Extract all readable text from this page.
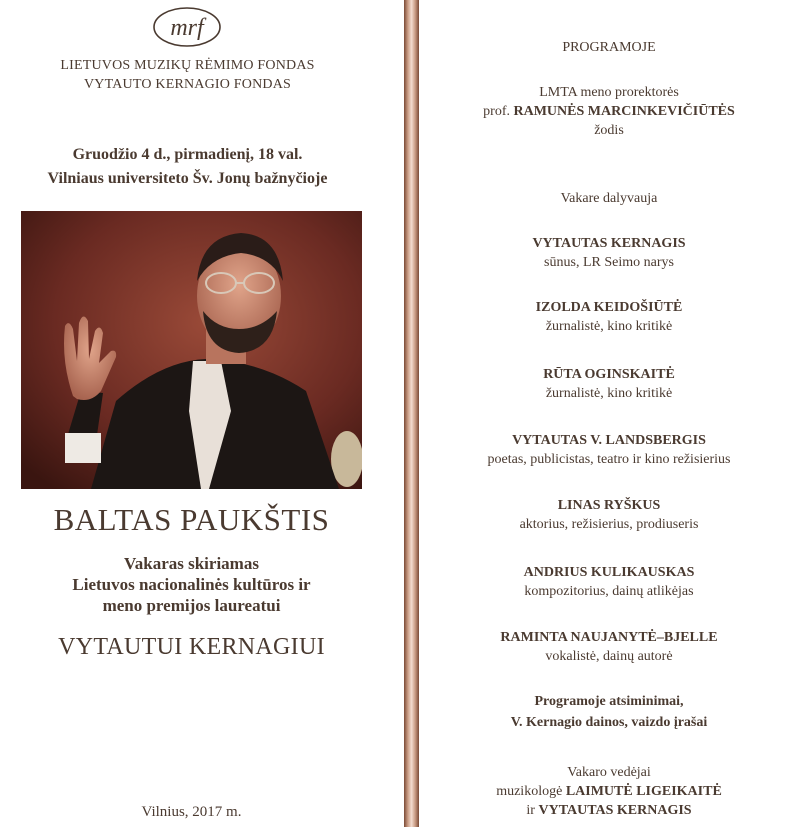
mrf
LIETUVOS MUZIKŲ RĖMIMO FONDAS
VYTAUTO KERNAGIO FONDAS
Gruodžio 4 d., pirmadienį, 18 val.
Vilniaus universiteto Šv. Jonų bažnyčioje
BALTAS PAUKŠTIS
Vakaras skiriamas
Lietuvos nacionalinės kultūros ir
meno premijos laureatui
VYTAUTUI KERNAGIUI
Vilnius, 2017 m.
PROGRAMOJE
LMTA meno prorektorės
prof. RAMUNĖS MARCINKEVIČIŪTĖS
žodis
Vakare dalyvauja
VYTAUTAS KERNAGIS
sūnus, LR Seimo narys
IZOLDA KEIDOŠIŪTĖ
žurnalistė, kino kritikė
RŪTA OGINSKAITĖ
žurnalistė, kino kritikė
VYTAUTAS V. LANDSBERGIS
poetas, publicistas, teatro ir kino režisierius
LINAS RYŠKUS
aktorius, režisierius, prodiuseris
ANDRIUS KULIKAUSKAS
kompozitorius, dainų atlikėjas
RAMINTA NAUJANYTĖ–BJELLE
vokalistė, dainų autorė
Programoje atsiminimai,
V. Kernagio dainos, vaizdo įrašai
Vakaro vedėjai
muzikologė LAIMUTĖ LIGEIKAITĖ
ir VYTAUTAS KERNAGIS
